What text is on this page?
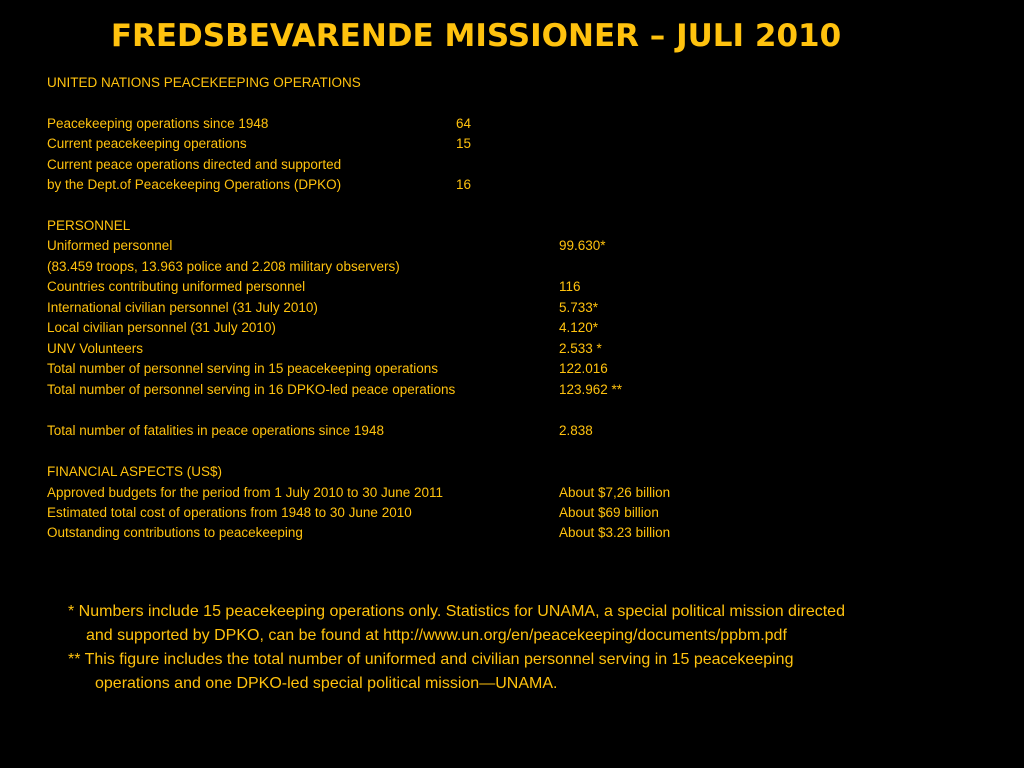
FREDSBEVARENDE MISSIONER – JULI 2010
UNITED NATIONS PEACEKEEPING OPERATIONS
Peacekeeping operations since 1948	64
Current peacekeeping operations	15
Current peace operations directed and supported
by the Dept.of Peacekeeping Operations (DPKO)	16
PERSONNEL
Uniformed personnel	99.630*
(83.459 troops, 13.963 police and 2.208 military observers)
Countries contributing uniformed personnel	116
International civilian personnel (31 July 2010)	5.733*
Local civilian personnel (31 July 2010)	4.120*
UNV Volunteers	2.533 *
Total number of personnel serving in 15 peacekeeping operations	122.016
Total number of personnel serving in 16 DPKO-led peace operations	123.962 **
Total number of fatalities in peace operations since 1948	2.838
FINANCIAL ASPECTS (US$)
Approved budgets for the period from 1 July 2010 to 30 June 2011	About $7,26 billion
Estimated total cost of operations from 1948 to 30 June 2010	About $69 billion
Outstanding contributions to peacekeeping	About $3.23 billion
* Numbers include 15 peacekeeping operations only. Statistics for UNAMA, a special political mission directed
and supported by DPKO, can be found at http://www.un.org/en/peacekeeping/documents/ppbm.pdf
** This figure includes the total number of uniformed and civilian personnel serving in 15 peacekeeping
operations and one DPKO-led special political mission—UNAMA.
